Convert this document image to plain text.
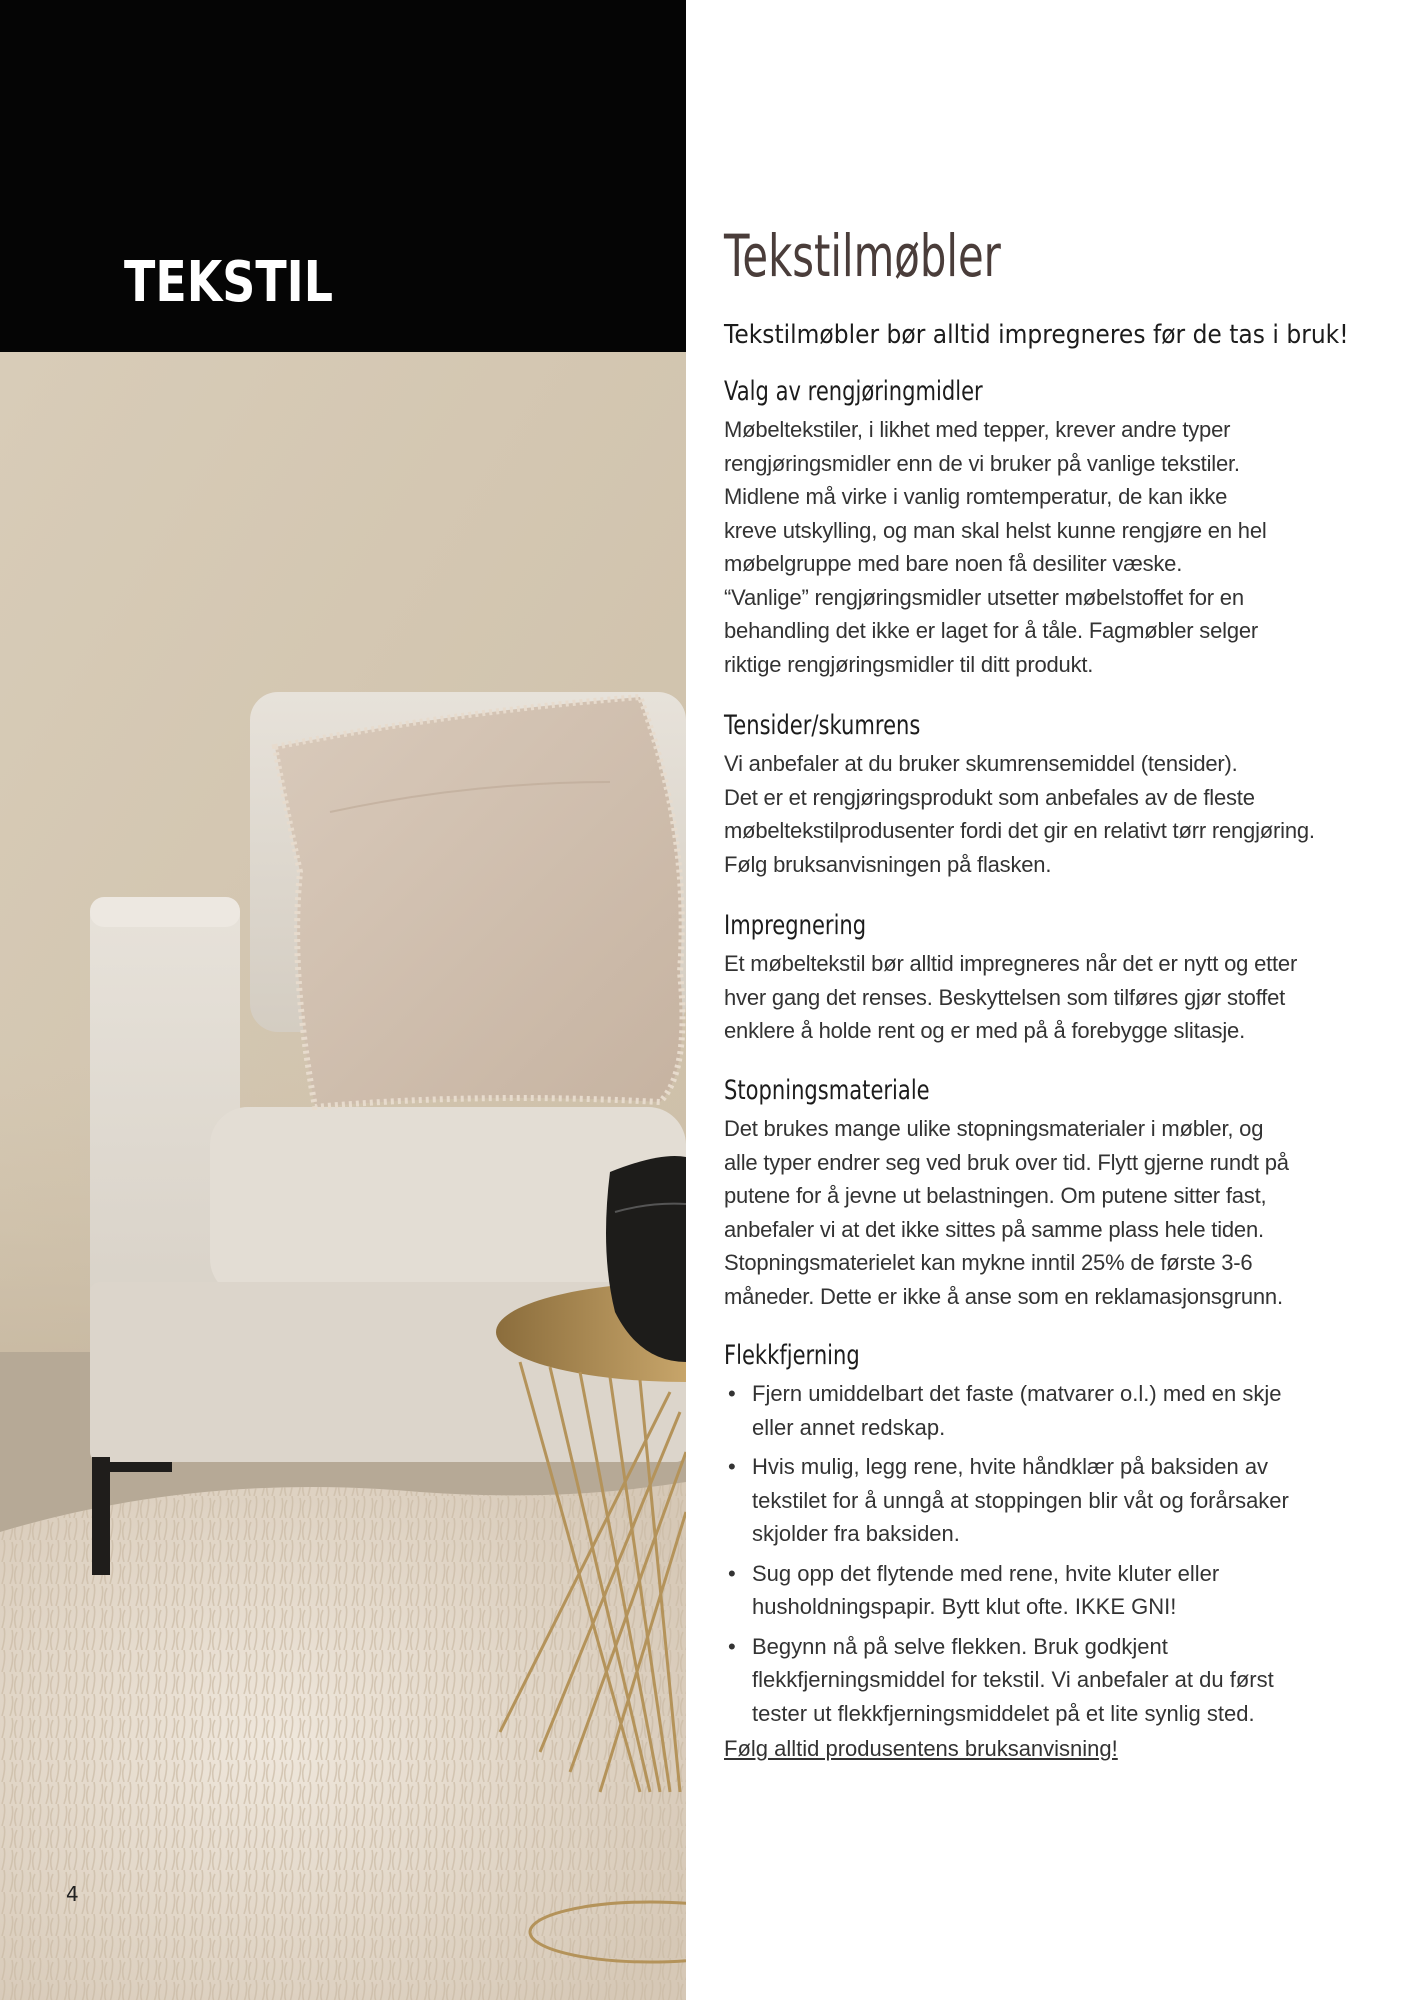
TEKSTIL

4

Tekstilmøbler

Tekstilmøbler bør alltid impregneres før de tas i bruk!

Valg av rengjøringmidler

Møbeltekstiler, i likhet med tepper, krever andre typer

rengjøringsmidler enn de vi bruker på vanlige tekstiler.

Midlene må virke i vanlig romtemperatur, de kan ikke

kreve utskylling, og man skal helst kunne rengjøre en hel

møbelgruppe med bare noen få desiliter væske.

“Vanlige” rengjøringsmidler utsetter møbelstoffet for en

behandling det ikke er laget for å tåle. Fagmøbler selger

riktige rengjøringsmidler til ditt produkt.

Tensider/skumrens

Vi anbefaler at du bruker skumrensemiddel (tensider).

Det er et rengjøringsprodukt som anbefales av de fleste

møbeltekstilprodusenter fordi det gir en relativt tørr rengjøring.

Følg bruksanvisningen på flasken.

Impregnering

Et møbeltekstil bør alltid impregneres når det er nytt og etter

hver gang det renses. Beskyttelsen som tilføres gjør stoffet

enklere å holde rent og er med på å forebygge slitasje.

Stopningsmateriale

Det brukes mange ulike stopningsmaterialer i møbler, og

alle typer endrer seg ved bruk over tid. Flytt gjerne rundt på

putene for å jevne ut belastningen. Om putene sitter fast,

anbefaler vi at det ikke sittes på samme plass hele tiden.

Stopningsmaterielet kan mykne inntil 25% de første 3-6

måneder. Dette er ikke å anse som en reklamasjonsgrunn.

Flekkfjerning
• Fjern umiddelbart det faste (matvarer o.l.) med en skje
eller annet redskap.
• Hvis mulig, legg rene, hvite håndklær på baksiden av
tekstilet for å unngå at stoppingen blir våt og forårsaker
skjolder fra baksiden.
• Sug opp det flytende med rene, hvite kluter eller
husholdningspapir. Bytt klut ofte. IKKE GNI!
• Begynn nå på selve flekken. Bruk godkjent
flekkfjerningsmiddel for tekstil. Vi anbefaler at du først
tester ut flekkfjerningsmiddelet på et lite synlig sted.

Følg alltid produsentens bruksanvisning!
